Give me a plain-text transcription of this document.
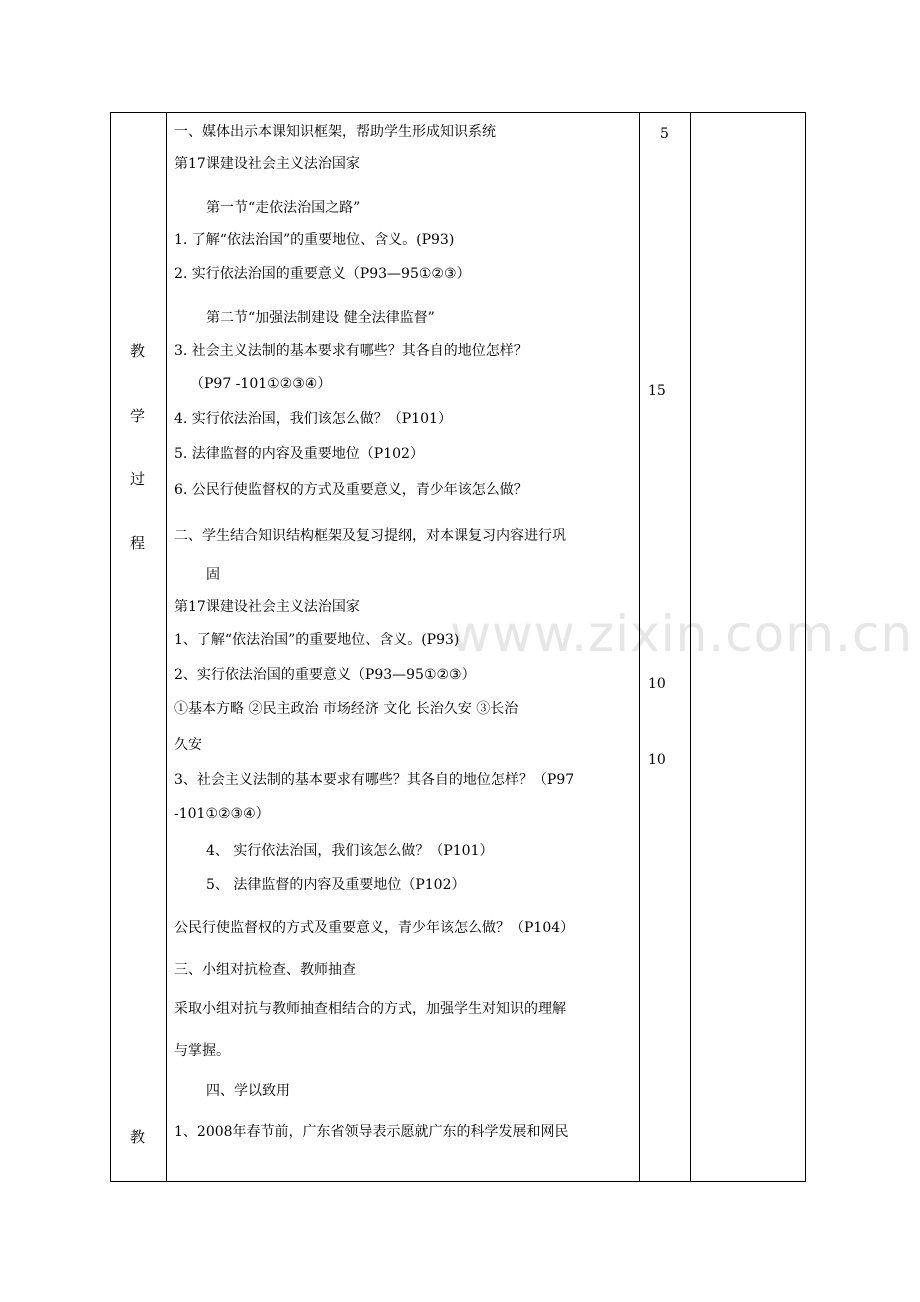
www.zixin.com.cn
教
学
过
程
教
一、媒体出示本课知识框架，帮助学生形成知识系统
第17课建设社会主义法治国家
第一节“走依法治国之路”
1. 了解“依法治国”的重要地位、含义。(P93)
2. 实行依法治国的重要意义（P93—95①②③）
第二节“加强法制建设 健全法律监督”
3. 社会主义法制的基本要求有哪些？其各自的地位怎样？
（P97 -101①②③④）
4. 实行依法治国，我们该怎么做？（P101）
5. 法律监督的内容及重要地位（P102）
6. 公民行使监督权的方式及重要意义，青少年该怎么做？
二、学生结合知识结构框架及复习提纲，对本课复习内容进行巩
固
第17课建设社会主义法治国家
1、了解“依法治国”的重要地位、含义。(P93)
2、实行依法治国的重要意义（P93—95①②③）
①基本方略 ②民主政治 市场经济 文化 长治久安 ③长治
久安
3、社会主义法制的基本要求有哪些？其各自的地位怎样？（P97
-101①②③④）
4、 实行依法治国，我们该怎么做？（P101）
5、 法律监督的内容及重要地位（P102）
公民行使监督权的方式及重要意义，青少年该怎么做？（P104）
三、小组对抗检查、教师抽查
采取小组对抗与教师抽查相结合的方式，加强学生对知识的理解
与掌握。
四、学以致用
1、2008年春节前，广东省领导表示愿就广东的科学发展和网民
5
15
10
10
